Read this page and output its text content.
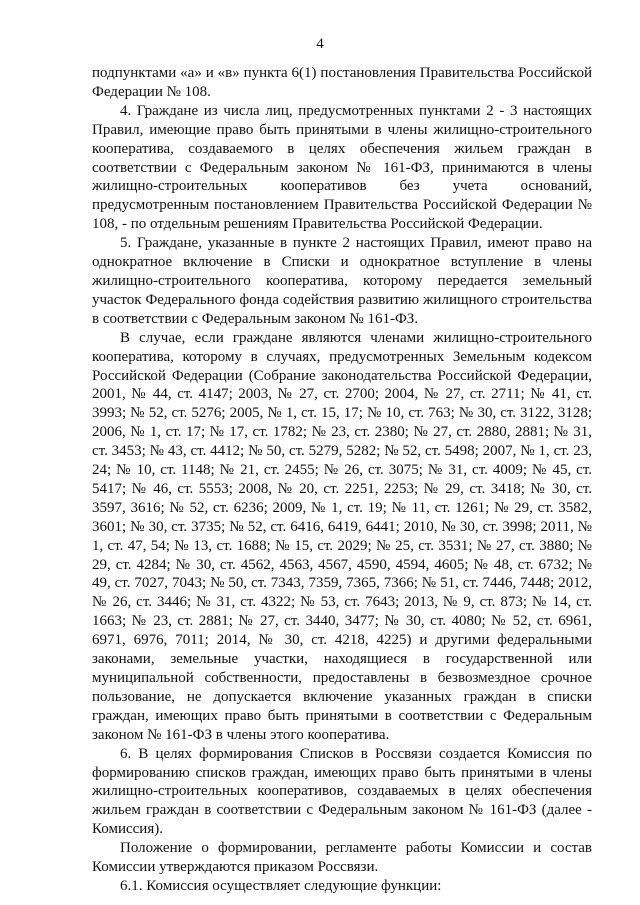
4

подпунктами «а» и «в» пункта 6(1) постановления Правительства Российской Федерации № 108.

4. Граждане из числа лиц, предусмотренных пунктами 2 - 3 настоящих Правил, имеющие право быть принятыми в члены жилищно-строительного кооператива, создаваемого в целях обеспечения жильем граждан в соответствии с Федеральным законом № 161-ФЗ, принимаются в члены жилищно-строительных кооперативов без учета оснований, предусмотренным постановлением Правительства Российской Федерации № 108, - по отдельным решениям Правительства Российской Федерации.

5. Граждане, указанные в пункте 2 настоящих Правил, имеют право на однократное включение в Списки и однократное вступление в члены жилищно-строительного кооператива, которому передается земельный участок Федерального фонда содействия развитию жилищного строительства в соответствии с Федеральным законом № 161-ФЗ.

В случае, если граждане являются членами жилищно-строительного кооператива, которому в случаях, предусмотренных Земельным кодексом Российской Федерации (Собрание законодательства Российской Федерации, 2001, № 44, ст. 4147; 2003, № 27, ст. 2700; 2004, № 27, ст. 2711; № 41, ст. 3993; № 52, ст. 5276; 2005, № 1, ст. 15, 17; № 10, ст. 763; № 30, ст. 3122, 3128; 2006, № 1, ст. 17; № 17, ст. 1782; № 23, ст. 2380; № 27, ст. 2880, 2881; № 31, ст. 3453; № 43, ст. 4412; № 50, ст. 5279, 5282; № 52, ст. 5498; 2007, № 1, ст. 23, 24; № 10, ст. 1148; № 21, ст. 2455; № 26, ст. 3075; № 31, ст. 4009; № 45, ст. 5417; № 46, ст. 5553; 2008, № 20, ст. 2251, 2253; № 29, ст. 3418; № 30, ст. 3597, 3616; № 52, ст. 6236; 2009, № 1, ст. 19; № 11, ст. 1261; № 29, ст. 3582, 3601; № 30, ст. 3735; № 52, ст. 6416, 6419, 6441; 2010, № 30, ст. 3998; 2011, № 1, ст. 47, 54; № 13, ст. 1688; № 15, ст. 2029; № 25, ст. 3531; № 27, ст. 3880; № 29, ст. 4284; № 30, ст. 4562, 4563, 4567, 4590, 4594, 4605; № 48, ст. 6732; № 49, ст. 7027, 7043; № 50, ст. 7343, 7359, 7365, 7366; № 51, ст. 7446, 7448; 2012, № 26, ст. 3446; № 31, ст. 4322; № 53, ст. 7643; 2013, № 9, ст. 873; № 14, ст. 1663; № 23, ст. 2881; № 27, ст. 3440, 3477; № 30, ст. 4080; № 52, ст. 6961, 6971, 6976, 7011; 2014, № 30, ст. 4218, 4225) и другими федеральными законами, земельные участки, находящиеся в государственной или муниципальной собственности, предоставлены в безвозмездное срочное пользование, не допускается включение указанных граждан в списки граждан, имеющих право быть принятыми в соответствии с Федеральным законом № 161-ФЗ в члены этого кооператива.

6. В целях формирования Списков в Россвязи создается Комиссия по формированию списков граждан, имеющих право быть принятыми в члены жилищно-строительных кооперативов, создаваемых в целях обеспечения жильем граждан в соответствии с Федеральным законом № 161-ФЗ (далее - Комиссия).

Положение о формировании, регламенте работы Комиссии и состав Комиссии утверждаются приказом Россвязи.

6.1. Комиссия осуществляет следующие функции:
